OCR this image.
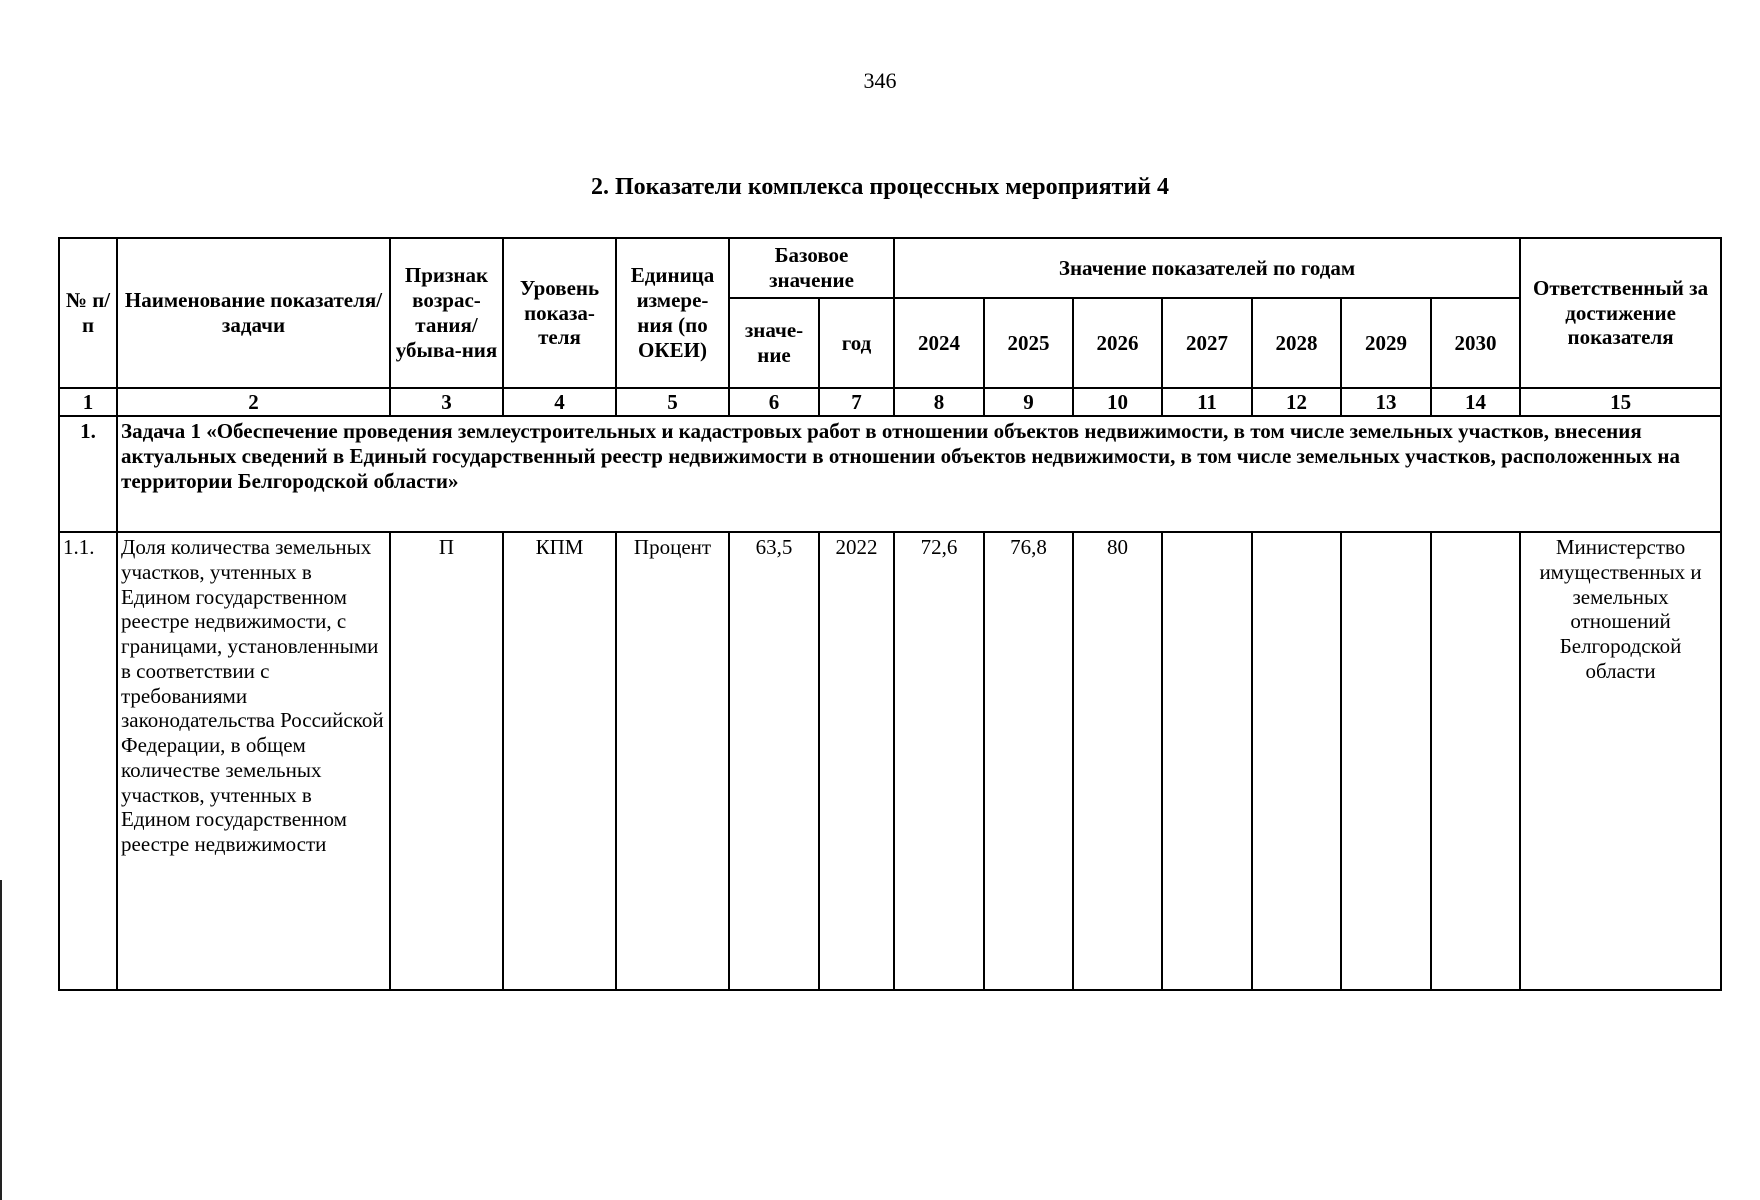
346
2. Показатели комплекса процессных мероприятий 4
№ п/п	Наименование показателя/задачи	Признак возрас-тания/ убыва-ния	Уровень показа-теля	Единица измере-ния (по ОКЕИ)	Базовое значение		Значение показателей по годам							Ответственный за достижение показателя
					значе-ние	год	2024	2025	2026	2027	2028	2029	2030	
1	2	3	4	5	6	7	8	9	10	11	12	13	14	15
1.	Задача 1 «Обеспечение проведения землеустроительных и кадастровых работ в отношении объектов недвижимости, в том числе земельных участков, внесения актуальных сведений в Единый государственный реестр недвижимости в отношении объектов недвижимости, в том числе земельных участков, расположенных на территории Белгородской области»													
1.1.	Доля количества земельных участков, учтенных в Едином государственном реестре недвижимости, с границами, установленными в соответствии с требованиями законодательства Российской Федерации, в общем количестве земельных участков, учтенных в Едином государственном реестре недвижимости	П	КПМ	Процент	63,5	2022	72,6	76,8	80					Министерство имущественных и земельных отношений Белгородской области
